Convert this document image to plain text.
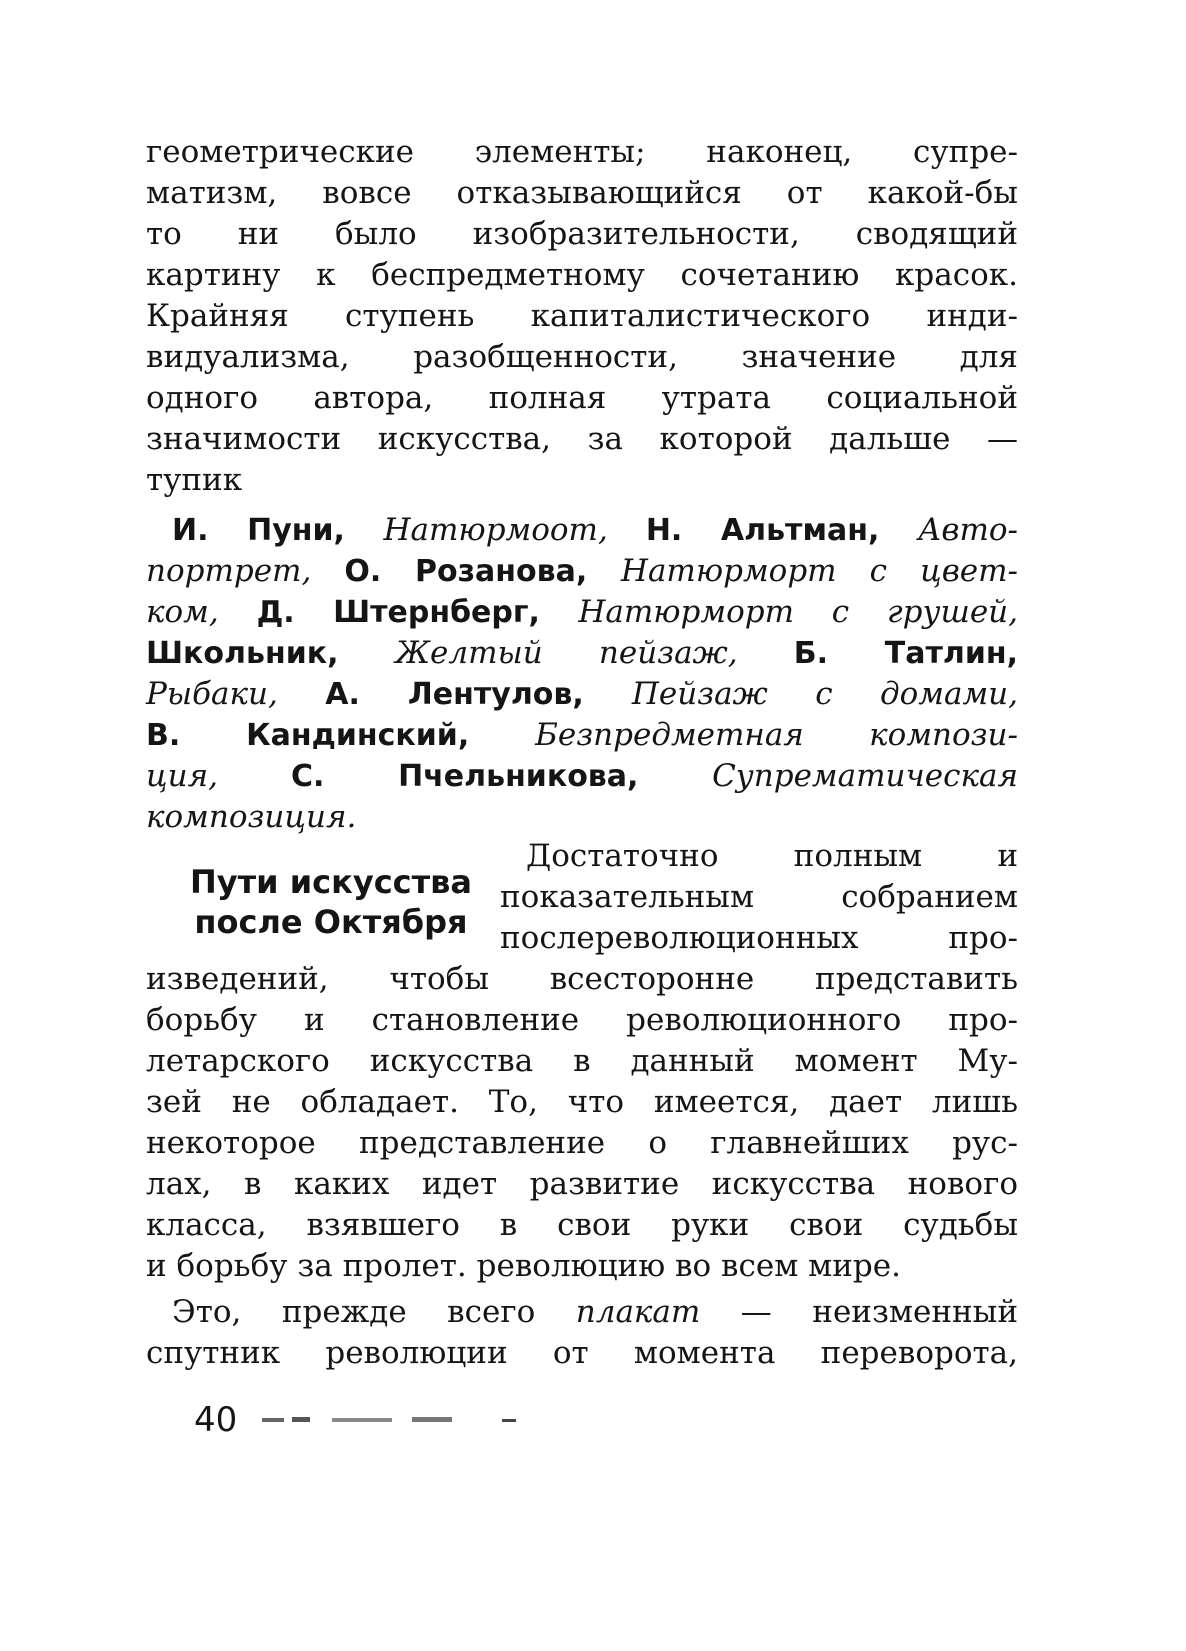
геометрические элементы; наконец, супре-
матизм, вовсе отказывающийся от какой-бы
то ни было изобразительности, сводящий
картину к беспредметному сочетанию красок.
Крайняя ступень капиталистического инди-
видуализма, разобщенности, значение для
одного автора, полная утрата социальной
значимости искусства, за которой дальше —
тупик
И. Пуни, Натюрмоот, Н. Альтман, Авто-
портрет, О. Розанова, Натюрморт с цвет-
ком, Д. Штернберг, Натюрморт с грушей,
Школьник, Желтый пейзаж, Б. Татлин,
Рыбаки, А. Лентулов, Пейзаж с домами,
В. Кандинский, Безпредметная компози-
ция, С. Пчельникова, Супрематическая
композиция.
Пути искусства
после Октября
Достаточно полным и
показательным собранием
послереволюционных про-
изведений, чтобы всесторонне представить
борьбу и становление революционного про-
летарского искусства в данный момент Му-
зей не обладает. То, что имеется, дает лишь
некоторое представление о главнейших рус-
лах, в каких идет развитие искусства нового
класса, взявшего в свои руки свои судьбы
и борьбу за пролет. революцию во всем мире.
Это, прежде всего плакат — неизменный
спутник революции от момента переворота,
40
